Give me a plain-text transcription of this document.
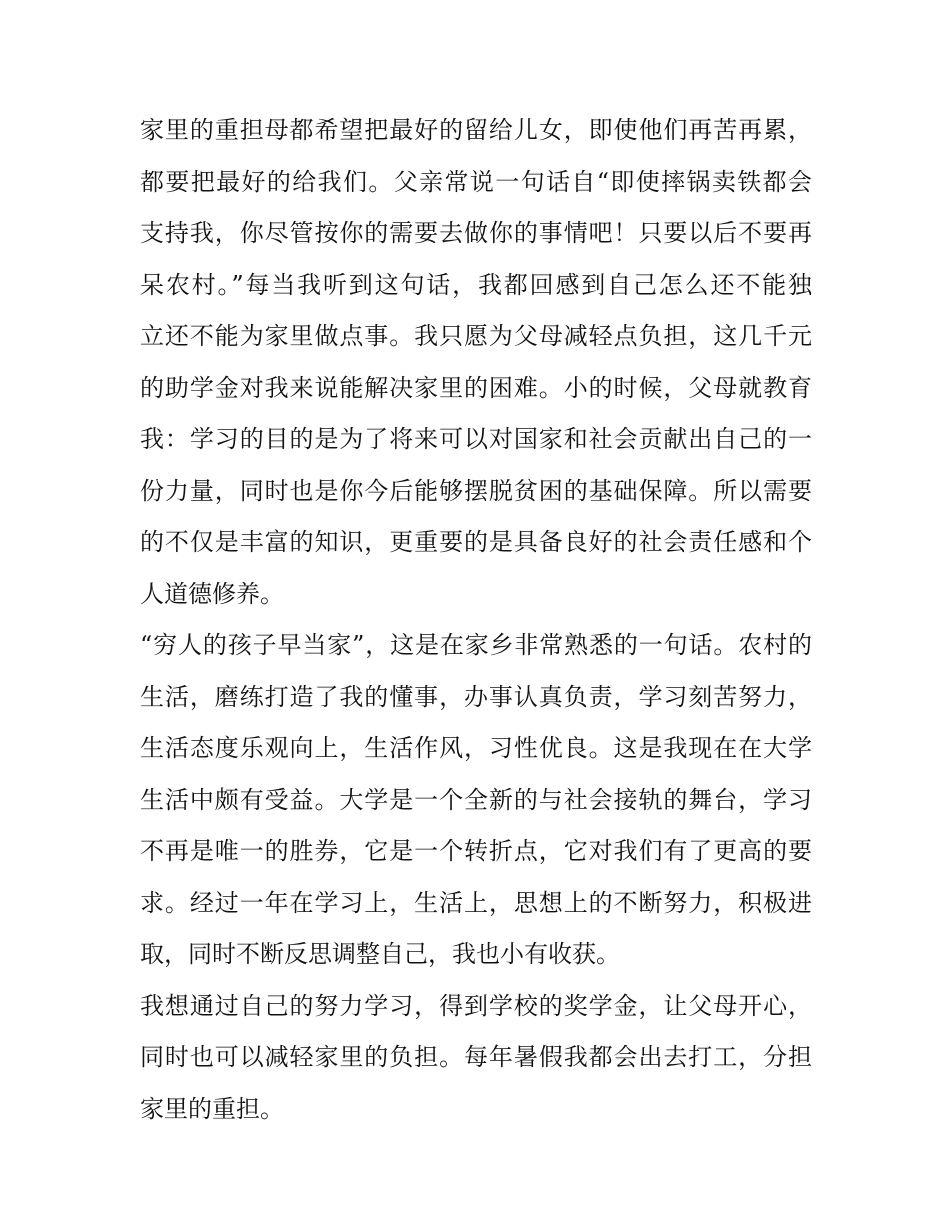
家里的重担母都希望把最好的留给儿女，即使他们再苦再累，
都要把最好的给我们。父亲常说一句话自“即使摔锅卖铁都会
支持我，你尽管按你的需要去做你的事情吧！只要以后不要再
呆农村。”每当我听到这句话，我都回感到自己怎么还不能独
立还不能为家里做点事。我只愿为父母减轻点负担，这几千元
的助学金对我来说能解决家里的困难。小的时候，父母就教育
我：学习的目的是为了将来可以对国家和社会贡献出自己的一
份力量，同时也是你今后能够摆脱贫困的基础保障。所以需要
的不仅是丰富的知识，更重要的是具备良好的社会责任感和个
人道德修养。
“穷人的孩子早当家”，这是在家乡非常熟悉的一句话。农村的
生活，磨练打造了我的懂事，办事认真负责，学习刻苦努力，
生活态度乐观向上，生活作风，习性优良。这是我现在在大学
生活中颇有受益。大学是一个全新的与社会接轨的舞台，学习
不再是唯一的胜券，它是一个转折点，它对我们有了更高的要
求。经过一年在学习上，生活上，思想上的不断努力，积极进
取，同时不断反思调整自己，我也小有收获。
我想通过自己的努力学习，得到学校的奖学金，让父母开心，
同时也可以减轻家里的负担。每年暑假我都会出去打工，分担
家里的重担。
